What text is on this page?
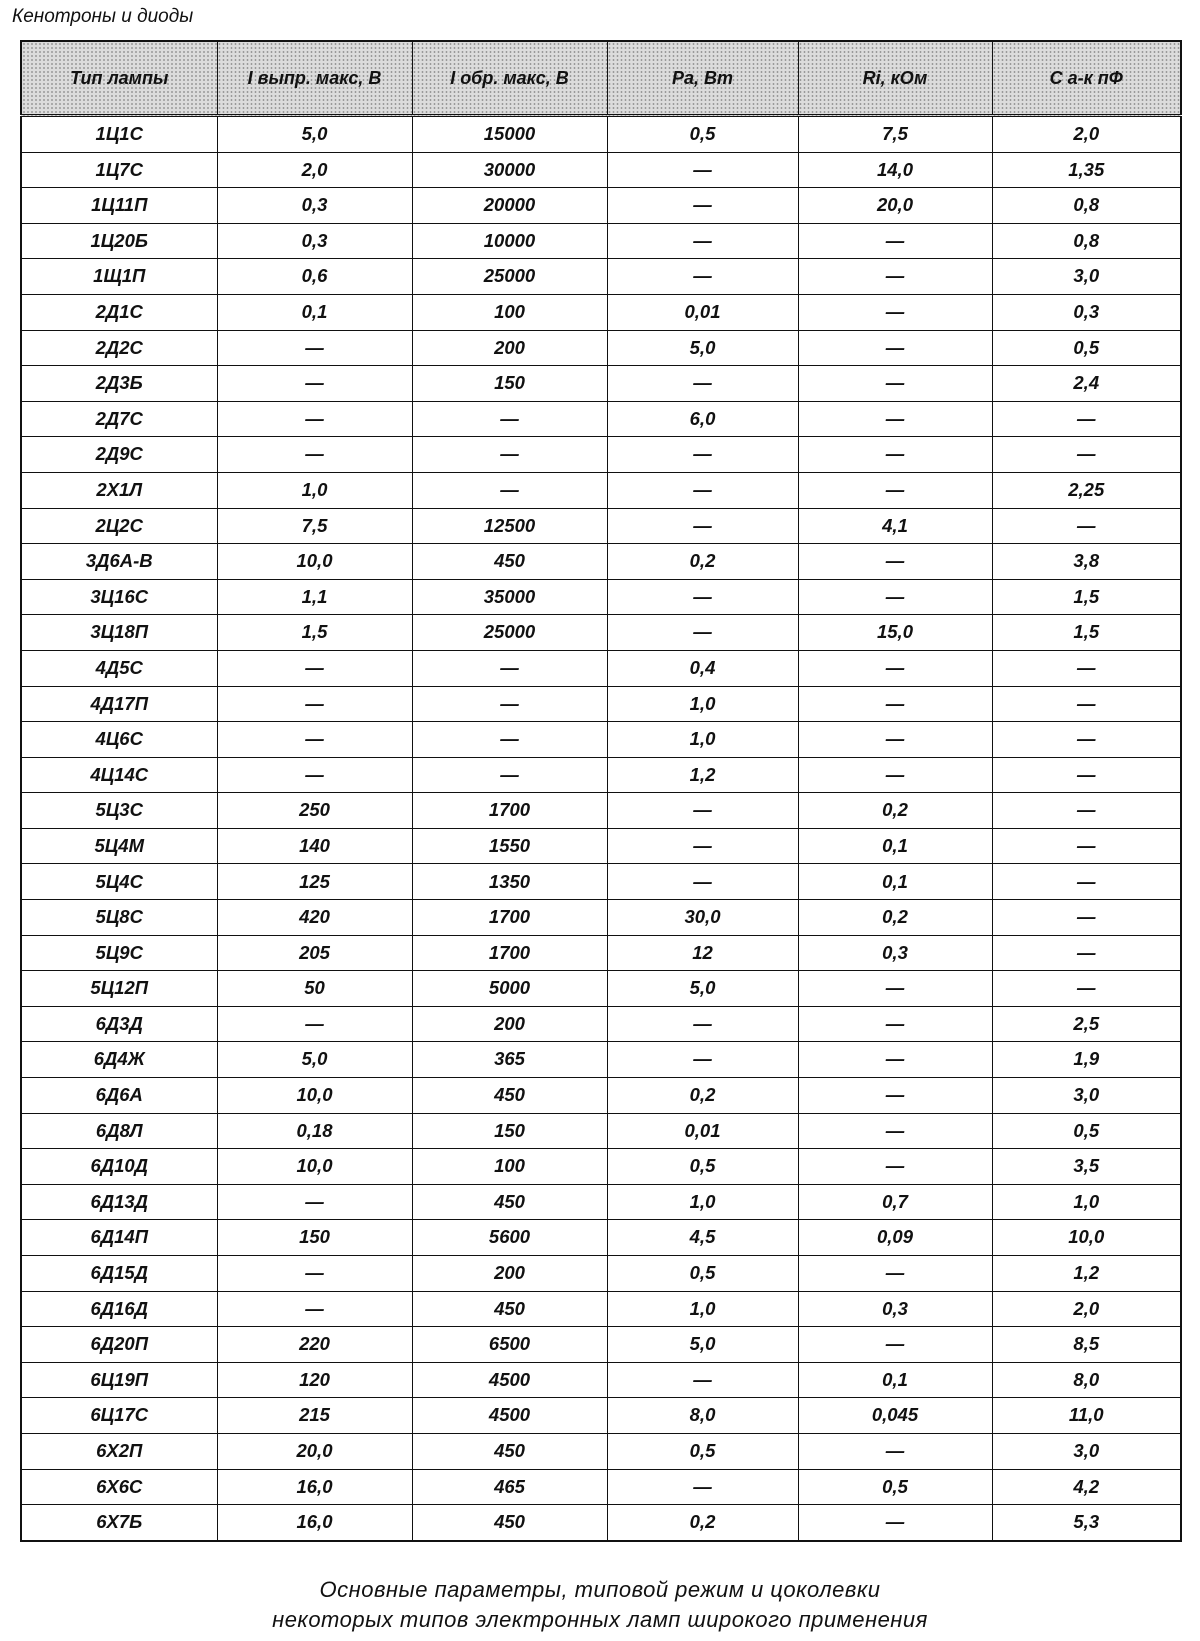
Кенотроны и диоды
Тип лампы	I выпр. макс, В	I обр. макс, В	Pа, Вт	Ri, кОм	C а-к пФ
1Ц1С	5,0	15000	0,5	7,5	2,0
1Ц7С	2,0	30000	—	14,0	1,35
1Ц11П	0,3	20000	—	20,0	0,8
1Ц20Б	0,3	10000	—	—	0,8
1Щ1П	0,6	25000	—	—	3,0
2Д1С	0,1	100	0,01	—	0,3
2Д2С	—	200	5,0	—	0,5
2Д3Б	—	150	—	—	2,4
2Д7С	—	—	6,0	—	—
2Д9С	—	—	—	—	—
2Х1Л	1,0	—	—	—	2,25
2Ц2С	7,5	12500	—	4,1	—
3Д6А-В	10,0	450	0,2	—	3,8
3Ц16С	1,1	35000	—	—	1,5
3Ц18П	1,5	25000	—	15,0	1,5
4Д5С	—	—	0,4	—	—
4Д17П	—	—	1,0	—	—
4Ц6С	—	—	1,0	—	—
4Ц14С	—	—	1,2	—	—
5Ц3С	250	1700	—	0,2	—
5Ц4М	140	1550	—	0,1	—
5Ц4С	125	1350	—	0,1	—
5Ц8С	420	1700	30,0	0,2	—
5Ц9С	205	1700	12	0,3	—
5Ц12П	50	5000	5,0	—	—
6Д3Д	—	200	—	—	2,5
6Д4Ж	5,0	365	—	—	1,9
6Д6А	10,0	450	0,2	—	3,0
6Д8Л	0,18	150	0,01	—	0,5
6Д10Д	10,0	100	0,5	—	3,5
6Д13Д	—	450	1,0	0,7	1,0
6Д14П	150	5600	4,5	0,09	10,0
6Д15Д	—	200	0,5	—	1,2
6Д16Д	—	450	1,0	0,3	2,0
6Д20П	220	6500	5,0	—	8,5
6Ц19П	120	4500	—	0,1	8,0
6Ц17С	215	4500	8,0	0,045	11,0
6Х2П	20,0	450	0,5	—	3,0
6Х6С	16,0	465	—	0,5	4,2
6Х7Б	16,0	450	0,2	—	5,3
Основные параметры, типовой режим и цоколевки
некоторых типов электронных ламп широкого применения
